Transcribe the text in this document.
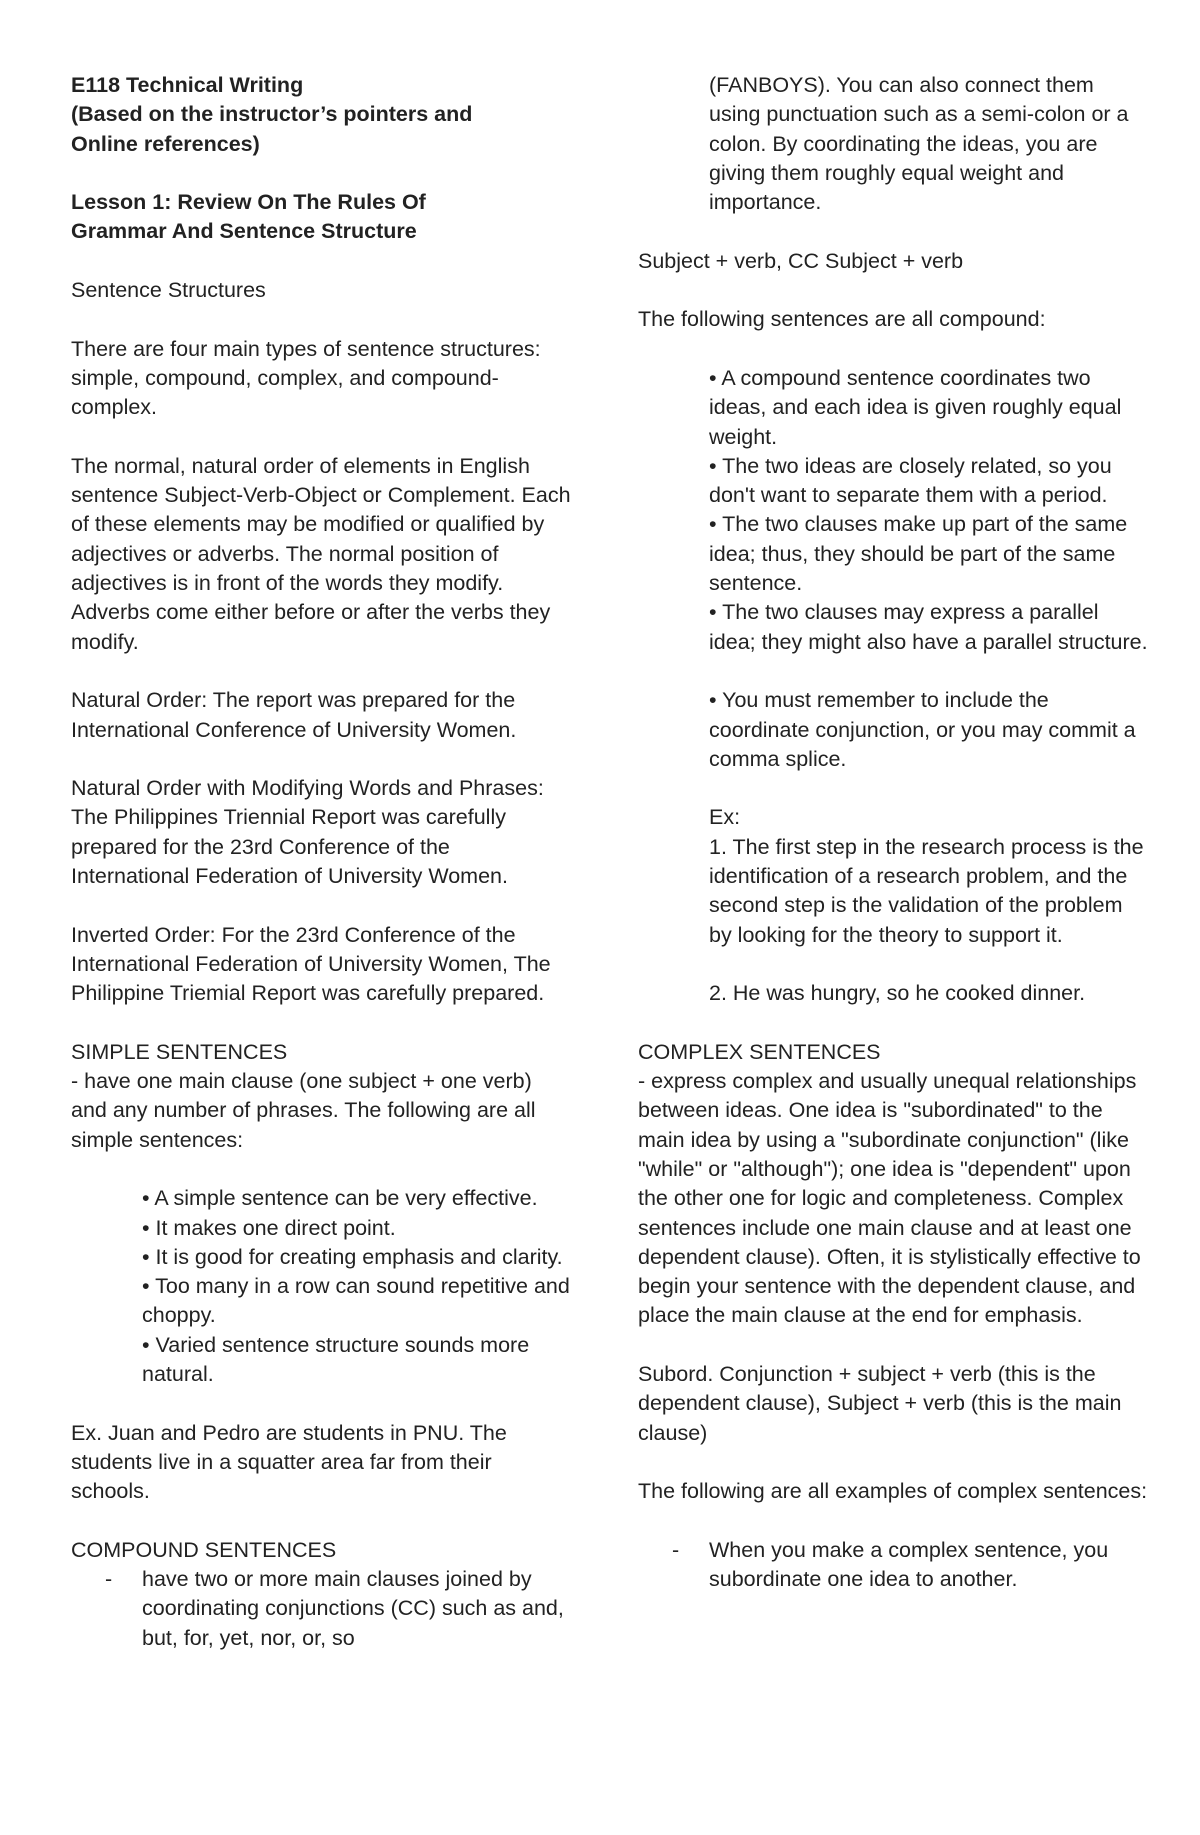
E118 Technical Writing
(Based on the instructor’s pointers and
Online references)

Lesson 1: Review On The Rules Of
Grammar And Sentence Structure

Sentence Structures

There are four main types of sentence structures: simple, compound, complex, and compound-complex.

The normal, natural order of elements in English sentence Subject-Verb-Object or Complement. Each of these elements may be modified or qualified by adjectives or adverbs. The normal position of adjectives is in front of the words they modify. Adverbs come either before or after the verbs they modify.

Natural Order: The report was prepared for the International Conference of University Women.

Natural Order with Modifying Words and Phrases: The Philippines Triennial Report was carefully prepared for the 23rd Conference of the International Federation of University Women.

Inverted Order: For the 23rd Conference of the International Federation of University Women, The Philippine Triemial Report was carefully prepared.

SIMPLE SENTENCES

- have one main clause (one subject + one verb) and any number of phrases. The following are all simple sentences:

• A simple sentence can be very effective.
• It makes one direct point.
• It is good for creating emphasis and clarity.
• Too many in a row can sound repetitive and choppy.
• Varied sentence structure sounds more natural.

Ex. Juan and Pedro are students in PNU. The students live in a squatter area far from their schools.

COMPOUND SENTENCES

- have two or more main clauses joined by coordinating conjunctions (CC) such as and, but, for, yet, nor, or, so

(FANBOYS). You can also connect them using punctuation such as a semi-colon or a colon. By coordinating the ideas, you are giving them roughly equal weight and importance.

Subject + verb, CC Subject + verb

The following sentences are all compound:

• A compound sentence coordinates two ideas, and each idea is given roughly equal weight.
• The two ideas are closely related, so you don't want to separate them with a period.
• The two clauses make up part of the same idea; thus, they should be part of the same sentence.
• The two clauses may express a parallel idea; they might also have a parallel structure.

• You must remember to include the coordinate conjunction, or you may commit a comma splice.

Ex:

1. The first step in the research process is the identification of a research problem, and the second step is the validation of the problem by looking for the theory to support it.

2. He was hungry, so he cooked dinner.

COMPLEX SENTENCES

- express complex and usually unequal relationships between ideas. One idea is "subordinated" to the main idea by using a "subordinate conjunction" (like "while" or "although"); one idea is "dependent" upon the other one for logic and completeness. Complex sentences include one main clause and at least one dependent clause). Often, it is stylistically effective to begin your sentence with the dependent clause, and place the main clause at the end for emphasis.

Subord. Conjunction + subject + verb (this is the dependent clause), Subject + verb (this is the main clause)

The following are all examples of complex sentences:

- When you make a complex sentence, you subordinate one idea to another.
